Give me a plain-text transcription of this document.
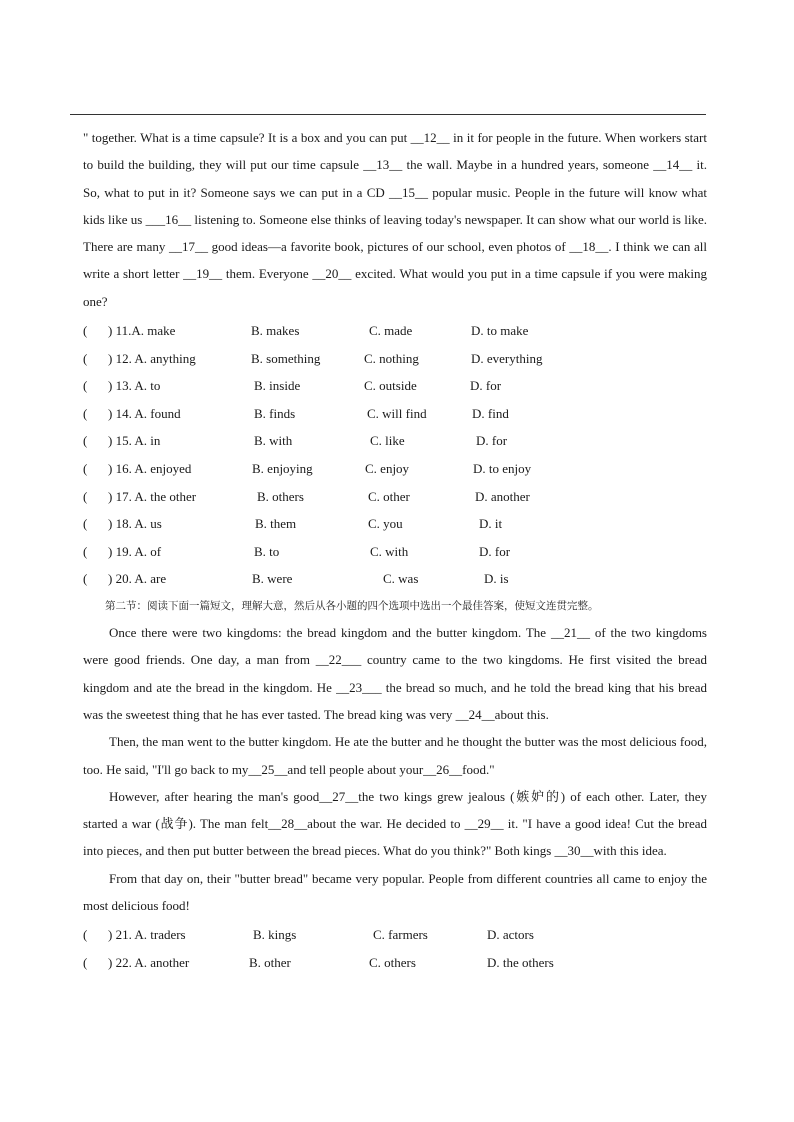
" together. What is a time capsule? It is a box and you can put __12__ in it for people in the future. When workers start to build the building, they will put our time capsule __13__ the wall. Maybe in a hundred years, someone __14__ it. So, what to put in it? Someone says we can put in a CD __15__ popular music. People in the future will know what kids like us ___16__ listening to. Someone else thinks of leaving today's newspaper. It can show what our world is like. There are many __17__ good ideas—a favorite book, pictures of our school, even photos of __18__. I think we can all write a short letter __19__ them. Everyone __20__ excited. What would you put in a time capsule if you were making one?

( ) 11.A. make	B. makes	C. made	D. to make
( ) 12. A. anything	B. something	C. nothing	D. everything
( ) 13. A. to	B. inside	C. outside	D. for
( ) 14. A. found	B. finds	C. will find	D. find
( ) 15. A. in	B. with	C. like	D. for
( ) 16. A. enjoyed	B. enjoying	C. enjoy	D. to enjoy
( ) 17. A. the other	B. others	C. other	D. another
( ) 18. A. us	B. them	C. you	D. it
( ) 19. A. of	B. to	C. with	D. for
( ) 20. A. are	B. were	C. was	D. is

第二节：阅读下面一篇短文，理解大意，然后从各小题的四个选项中选出一个最佳答案，使短文连贯完整。

Once there were two kingdoms: the bread kingdom and the butter kingdom. The __21__ of the two kingdoms were good friends. One day, a man from __22___ country came to the two kingdoms. He first visited the bread kingdom and ate the bread in the kingdom. He __23___ the bread so much, and he told the bread king that his bread was the sweetest thing that he has ever tasted. The bread king was very __24__about this.

Then, the man went to the butter kingdom. He ate the butter and he thought the butter was the most delicious food, too. He said, "I'll go back to my__25__and tell people about your__26__food."

However, after hearing the man's good__27__the two kings grew jealous (嫉妒的) of each other. Later, they started a war (战争). The man felt__28__about the war. He decided to __29__ it. "I have a good idea! Cut the bread into pieces, and then put butter between the bread pieces. What do you think?" Both kings __30__with this idea.

From that day on, their "butter bread" became very popular. People from different countries all came to enjoy the most delicious food!

( ) 21. A. traders	B. kings	C. farmers	D. actors
( ) 22. A. another	B. other	C. others	D. the others
